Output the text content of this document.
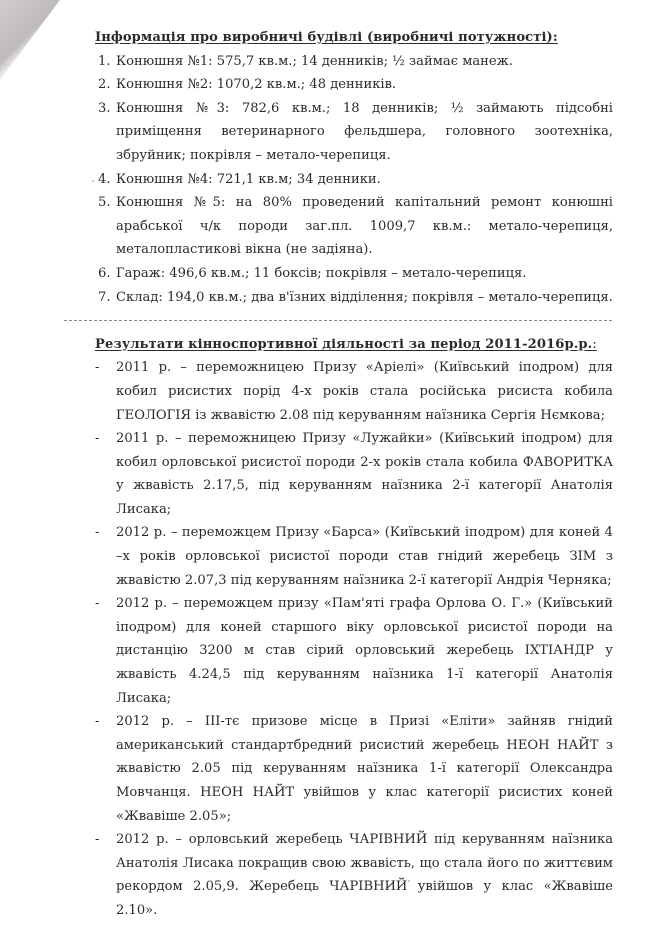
Інформація про виробничі будівлі (виробничі потужності):

1. Конюшня №1: 575,7 кв.м.; 14 денників; ½ займає манеж.
2. Конюшня №2: 1070,2 кв.м.; 48 денників.
3. Конюшня №3: 782,6 кв.м.; 18 денників; ½ займають підсобні приміщення ветеринарного фельдшера, головного зоотехніка, збруйник; покрівля – метало-черепиця.
4. Конюшня №4: 721,1 кв.м; 34 денники.
5. Конюшня №5: на 80% проведений капітальний ремонт конюшні арабської ч/к породи заг.пл. 1009,7 кв.м.: метало-черепиця, металопластикові вікна (не задіяна).
6. Гараж: 496,6 кв.м.; 11 боксів; покрівля – метало-черепиця.
7. Склад: 194,0 кв.м.; два в'їзних відділення; покрівля – метало-черепиця.

Результати кінноспортивної діяльності за період 2011-2016р.р.:

- 2011 р. – переможницею Призу «Аріелі» (Київський іподром) для кобил рисистих порід 4-х років стала російська рисиста кобила ГЕОЛОГІЯ із жвавістю 2.08 під керуванням наїзника Сергія Нємкова;
- 2011 р. – переможницею Призу «Лужайки» (Київський іподром) для кобил орловської рисистої породи 2-х років стала кобила ФАВОРИТКА у жвавість 2.17,5, під керуванням наїзника 2-ї категорії Анатолія Лисака;
- 2012 р. – переможцем Призу «Барса» (Київський іподром) для коней 4 –х років орловської рисистої породи став гнідий жеребець ЗІМ з жвавістю 2.07,3 під керуванням наїзника 2-ї категорії Андрія Черняка;
- 2012 р. – переможцем призу «Пам'яті графа Орлова О. Г.» (Київський іподром) для коней старшого віку орловської рисистої породи на дистанцію 3200 м став сірий орловський жеребець ІХТІАНДР у жвавість 4.24,5 під керуванням наїзника 1-ї категорії Анатолія Лисака;
- 2012 р. – ІІІ-тє призове місце в Призі «Еліти» зайняв гнідий американський стандартбредний рисистий жеребець НЕОН НАЙТ з жвавістю 2.05 під керуванням наїзника 1-ї категорії Олександра Мовчанця. НЕОН НАЙТ увійшов у клас категорії рисистих коней «Жвавіше 2.05»;
- 2012 р. – орловський жеребець ЧАРІВНИЙ під керуванням наїзника Анатолія Лисака покращив свою жвавість, що стала його по життєвим рекордом 2.05,9. Жеребець ЧАРІВНИЙ увійшов у клас «Жвавіше 2.10».
